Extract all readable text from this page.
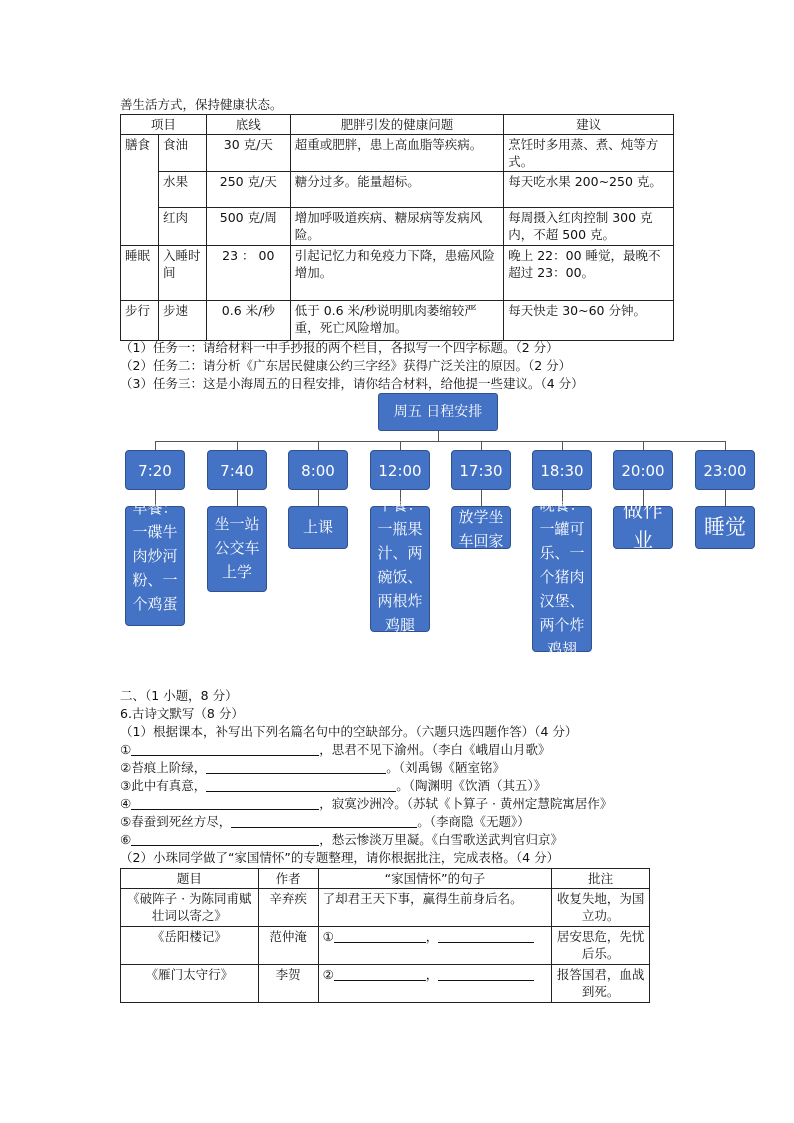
善生活方式，保持健康状态。
项目		底线	肥胖引发的健康问题	建议
膳食	食油	30 克/天	超重或肥胖，患上高血脂等疾病。	烹饪时多用蒸、煮、炖等方式。
	水果	250 克/天	糖分过多。能量超标。	每天吃水果 200~250 克。
	红肉	500 克/周	增加呼吸道疾病、糖尿病等发病风险。	每周摄入红肉控制 300 克内，不超 500 克。
睡眠	入睡时间	23 ： 00	引起记忆力和免疫力下降，患癌风险增加。	晚上 22：00 睡觉，最晚不超过 23：00。
步行	步速	0.6 米/秒	低于 0.6 米/秒说明肌肉萎缩较严重，死亡风险增加。	每天快走 30~60 分钟。
（1）任务一：请给材料一中手抄报的两个栏目，各拟写一个四字标题。（2 分）
（2）任务二：请分析《广东居民健康公约三字经》获得广泛关注的原因。（2 分）
（3）任务三：这是小海周五的日程安排，请你结合材料，给他提一些建议。（4 分）
周五 日程安排
7:20	7:40	8:00	12:00	17:30	18:30	20:00	23:00
早餐：一碟牛肉炒河粉、一个鸡蛋
坐一站公交车上学
上课
午餐：一瓶果汁、两碗饭、两根炸鸡腿
放学坐车回家
晚餐：一罐可乐、一个猪肉汉堡、两个炸鸡翅
做作业
睡觉
二、（1 小题，8 分）
6.古诗文默写（8 分）
（1）根据课本，补写出下列名篇名句中的空缺部分。（六题只选四题作答）（4 分）
①	，思君不见下渝州。（李白《峨眉山月歌》
②苔痕上阶绿，	。（刘禹锡《陋室铭》
③此中有真意，	。（陶渊明《饮酒（其五）》
④	，寂寞沙洲冷。（苏轼《卜算子 · 黄州定慧院寓居作》
⑤春蚕到死丝方尽，	。（李商隐《无题》）
⑥	，愁云惨淡万里凝。《白雪歌送武判官归京》
（2）小珠同学做了“家国情怀”的专题整理，请你根据批注，完成表格。（4 分）
题目	作者	“家国情怀”的句子	批注
《破阵子 · 为陈同甫赋壮词以寄之》	辛弃疾	了却君王天下事，赢得生前身后名。	收复失地，为国立功。
《岳阳楼记》	范仲淹	① ，	居安思危，先忧后乐。
《雁门太守行》	李贺	② ，	报答国君，血战到死。
